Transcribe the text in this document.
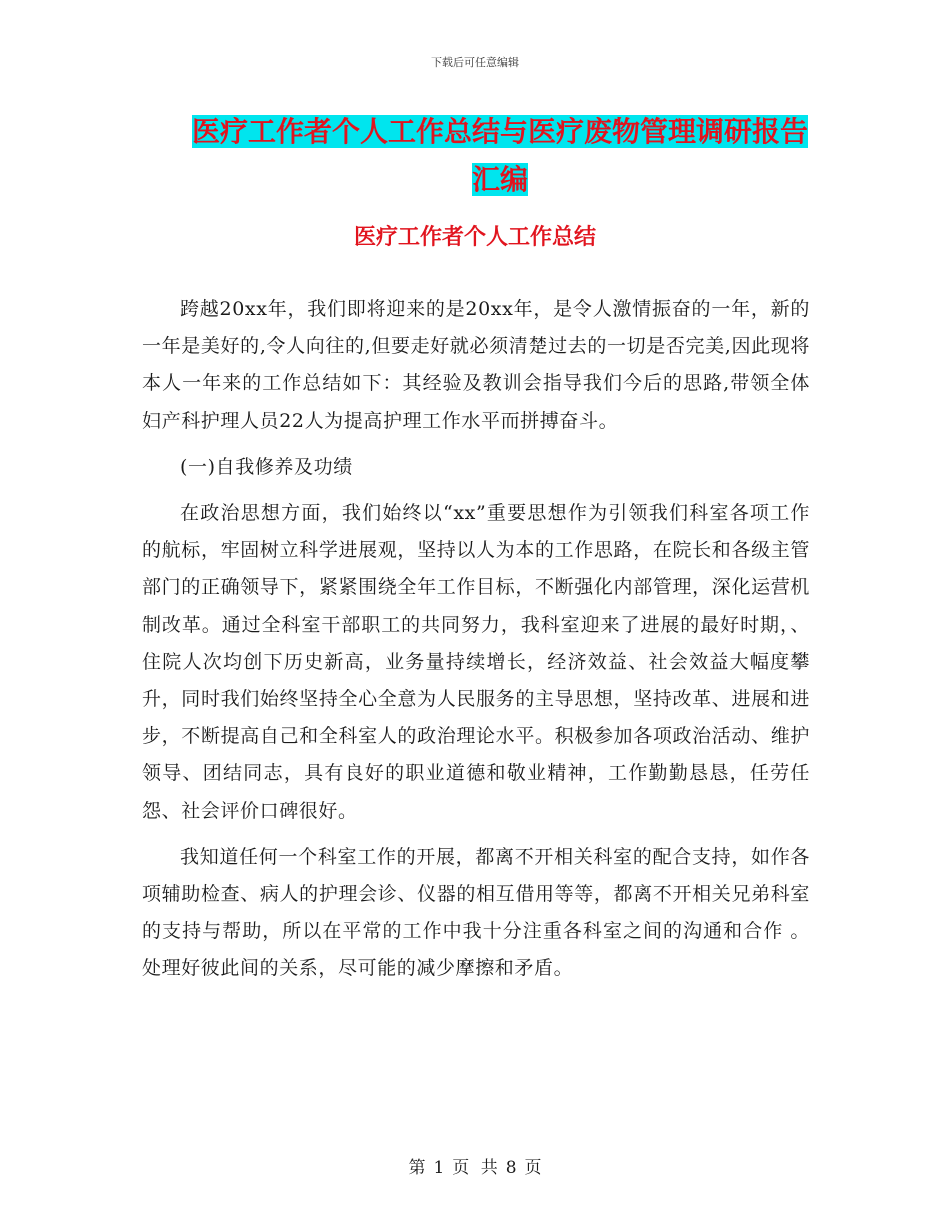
下载后可任意编辑
医疗工作者个人工作总结与医疗废物管理调研报告汇编
医疗工作者个人工作总结

跨越20xx年，我们即将迎来的是20xx年，是令人激情振奋的一年，新的一年是美好的,令人向往的,但要走好就必须清楚过去的一切是否完美,因此现将本人一年来的工作总结如下：其经验及教训会指导我们今后的思路,带领全体妇产科护理人员22人为提高护理工作水平而拼搏奋斗。

(一)自我修养及功绩

在政治思想方面，我们始终以“xx”重要思想作为引领我们科室各项工作的航标，牢固树立科学进展观，坚持以人为本的工作思路，在院长和各级主管部门的正确领导下，紧紧围绕全年工作目标，不断强化内部管理，深化运营机制改革。通过全科室干部职工的共同努力，我科室迎来了进展的最好时期，、住院人次均创下历史新高，业务量持续增长，经济效益、社会效益大幅度攀升，同时我们始终坚持全心全意为人民服务的主导思想，坚持改革、进展和进步，不断提高自己和全科室人的政治理论水平。积极参加各项政治活动、维护领导、团结同志，具有良好的职业道德和敬业精神，工作勤勤恳恳，任劳任怨、社会评价口碑很好。

我知道任何一个科室工作的开展，都离不开相关科室的配合支持，如作各项辅助检查、病人的护理会诊、仪器的相互借用等等，都离不开相关兄弟科室的支持与帮助，所以在平常的工作中我十分注重各科室之间的沟通和合作 。处理好彼此间的关系，尽可能的减少摩擦和矛盾。

第 1 页 共 8 页
